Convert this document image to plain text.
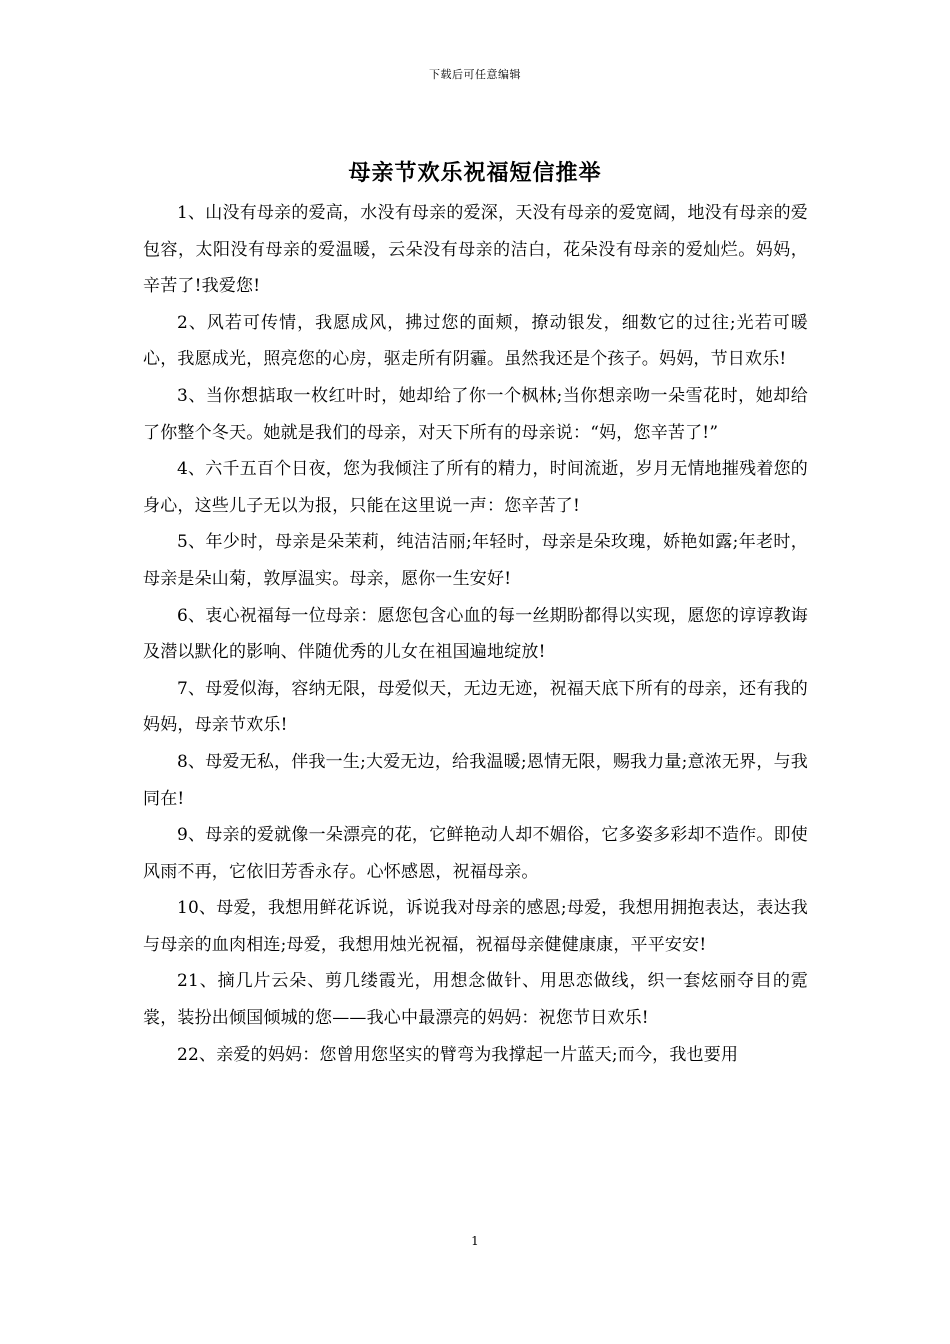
下载后可任意编辑
母亲节欢乐祝福短信推举

1、山没有母亲的爱高，水没有母亲的爱深，天没有母亲的爱宽阔，地没有母亲的爱包容，太阳没有母亲的爱温暖，云朵没有母亲的洁白，花朵没有母亲的爱灿烂。妈妈，辛苦了!我爱您!

2、风若可传情，我愿成风，拂过您的面颊，撩动银发，细数它的过往;光若可暖心，我愿成光，照亮您的心房，驱走所有阴霾。虽然我还是个孩子。妈妈，节日欢乐!

3、当你想掂取一枚红叶时，她却给了你一个枫林;当你想亲吻一朵雪花时，她却给了你整个冬天。她就是我们的母亲，对天下所有的母亲说：“妈，您辛苦了!”

4、六千五百个日夜，您为我倾注了所有的精力，时间流逝，岁月无情地摧残着您的身心，这些儿子无以为报，只能在这里说一声：您辛苦了!

5、年少时，母亲是朵茉莉，纯洁洁丽;年轻时，母亲是朵玫瑰，娇艳如露;年老时，母亲是朵山菊，敦厚温实。母亲，愿你一生安好!

6、衷心祝福每一位母亲：愿您包含心血的每一丝期盼都得以实现，愿您的谆谆教诲及潜以默化的影响、伴随优秀的儿女在祖国遍地绽放!

7、母爱似海，容纳无限，母爱似天，无边无迹，祝福天底下所有的母亲，还有我的妈妈，母亲节欢乐!

8、母爱无私，伴我一生;大爱无边，给我温暖;恩情无限，赐我力量;意浓无界，与我同在!

9、母亲的爱就像一朵漂亮的花，它鲜艳动人却不媚俗，它多姿多彩却不造作。即使风雨不再，它依旧芳香永存。心怀感恩，祝福母亲。

10、母爱，我想用鲜花诉说，诉说我对母亲的感恩;母爱，我想用拥抱表达，表达我与母亲的血肉相连;母爱，我想用烛光祝福，祝福母亲健健康康，平平安安!

21、摘几片云朵、剪几缕霞光，用想念做针、用思恋做线，织一套炫丽夺目的霓裳，装扮出倾国倾城的您——我心中最漂亮的妈妈：祝您节日欢乐!

22、亲爱的妈妈：您曾用您坚实的臂弯为我撑起一片蓝天;而今，我也要用

1
